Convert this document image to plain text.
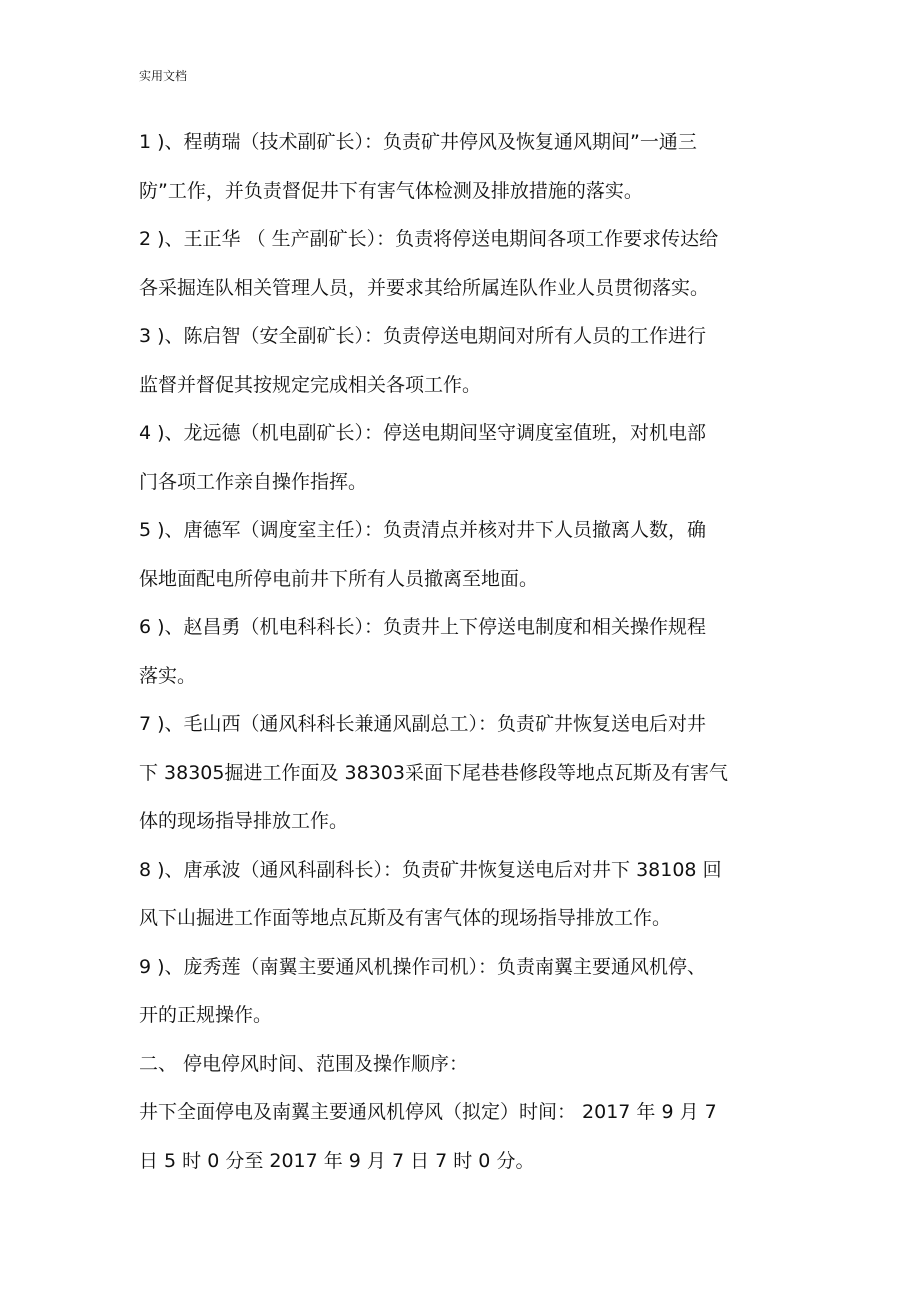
实用文档
1 )、程萌瑞（技术副矿长）：负责矿井停风及恢复通风期间”一通三
防”工作，并负责督促井下有害气体检测及排放措施的落实。
2 )、王正华 （ 生产副矿长）：负责将停送电期间各项工作要求传达给
各采掘连队相关管理人员，并要求其给所属连队作业人员贯彻落实。
3 )、陈启智（安全副矿长）：负责停送电期间对所有人员的工作进行
监督并督促其按规定完成相关各项工作。
4 )、龙远德（机电副矿长）：停送电期间坚守调度室值班，对机电部
门各项工作亲自操作指挥。
5 )、唐德军（调度室主任）：负责清点并核对井下人员撤离人数，确
保地面配电所停电前井下所有人员撤离至地面。
6 )、赵昌勇（机电科科长）：负责井上下停送电制度和相关操作规程
落实。
7 )、毛山西（通风科科长兼通风副总工）：负责矿井恢复送电后对井
下 38305掘进工作面及 38303采面下尾巷巷修段等地点瓦斯及有害气
体的现场指导排放工作。
8 )、唐承波（通风科副科长）：负责矿井恢复送电后对井下 38108 回
风下山掘进工作面等地点瓦斯及有害气体的现场指导排放工作。
9 )、庞秀莲（南翼主要通风机操作司机）：负责南翼主要通风机停、
开的正规操作。
二、 停电停风时间、范围及操作顺序：
井下全面停电及南翼主要通风机停风（拟定）时间： 2017 年 9 月 7
日 5 时 0 分至 2017 年 9 月 7 日 7 时 0 分。
